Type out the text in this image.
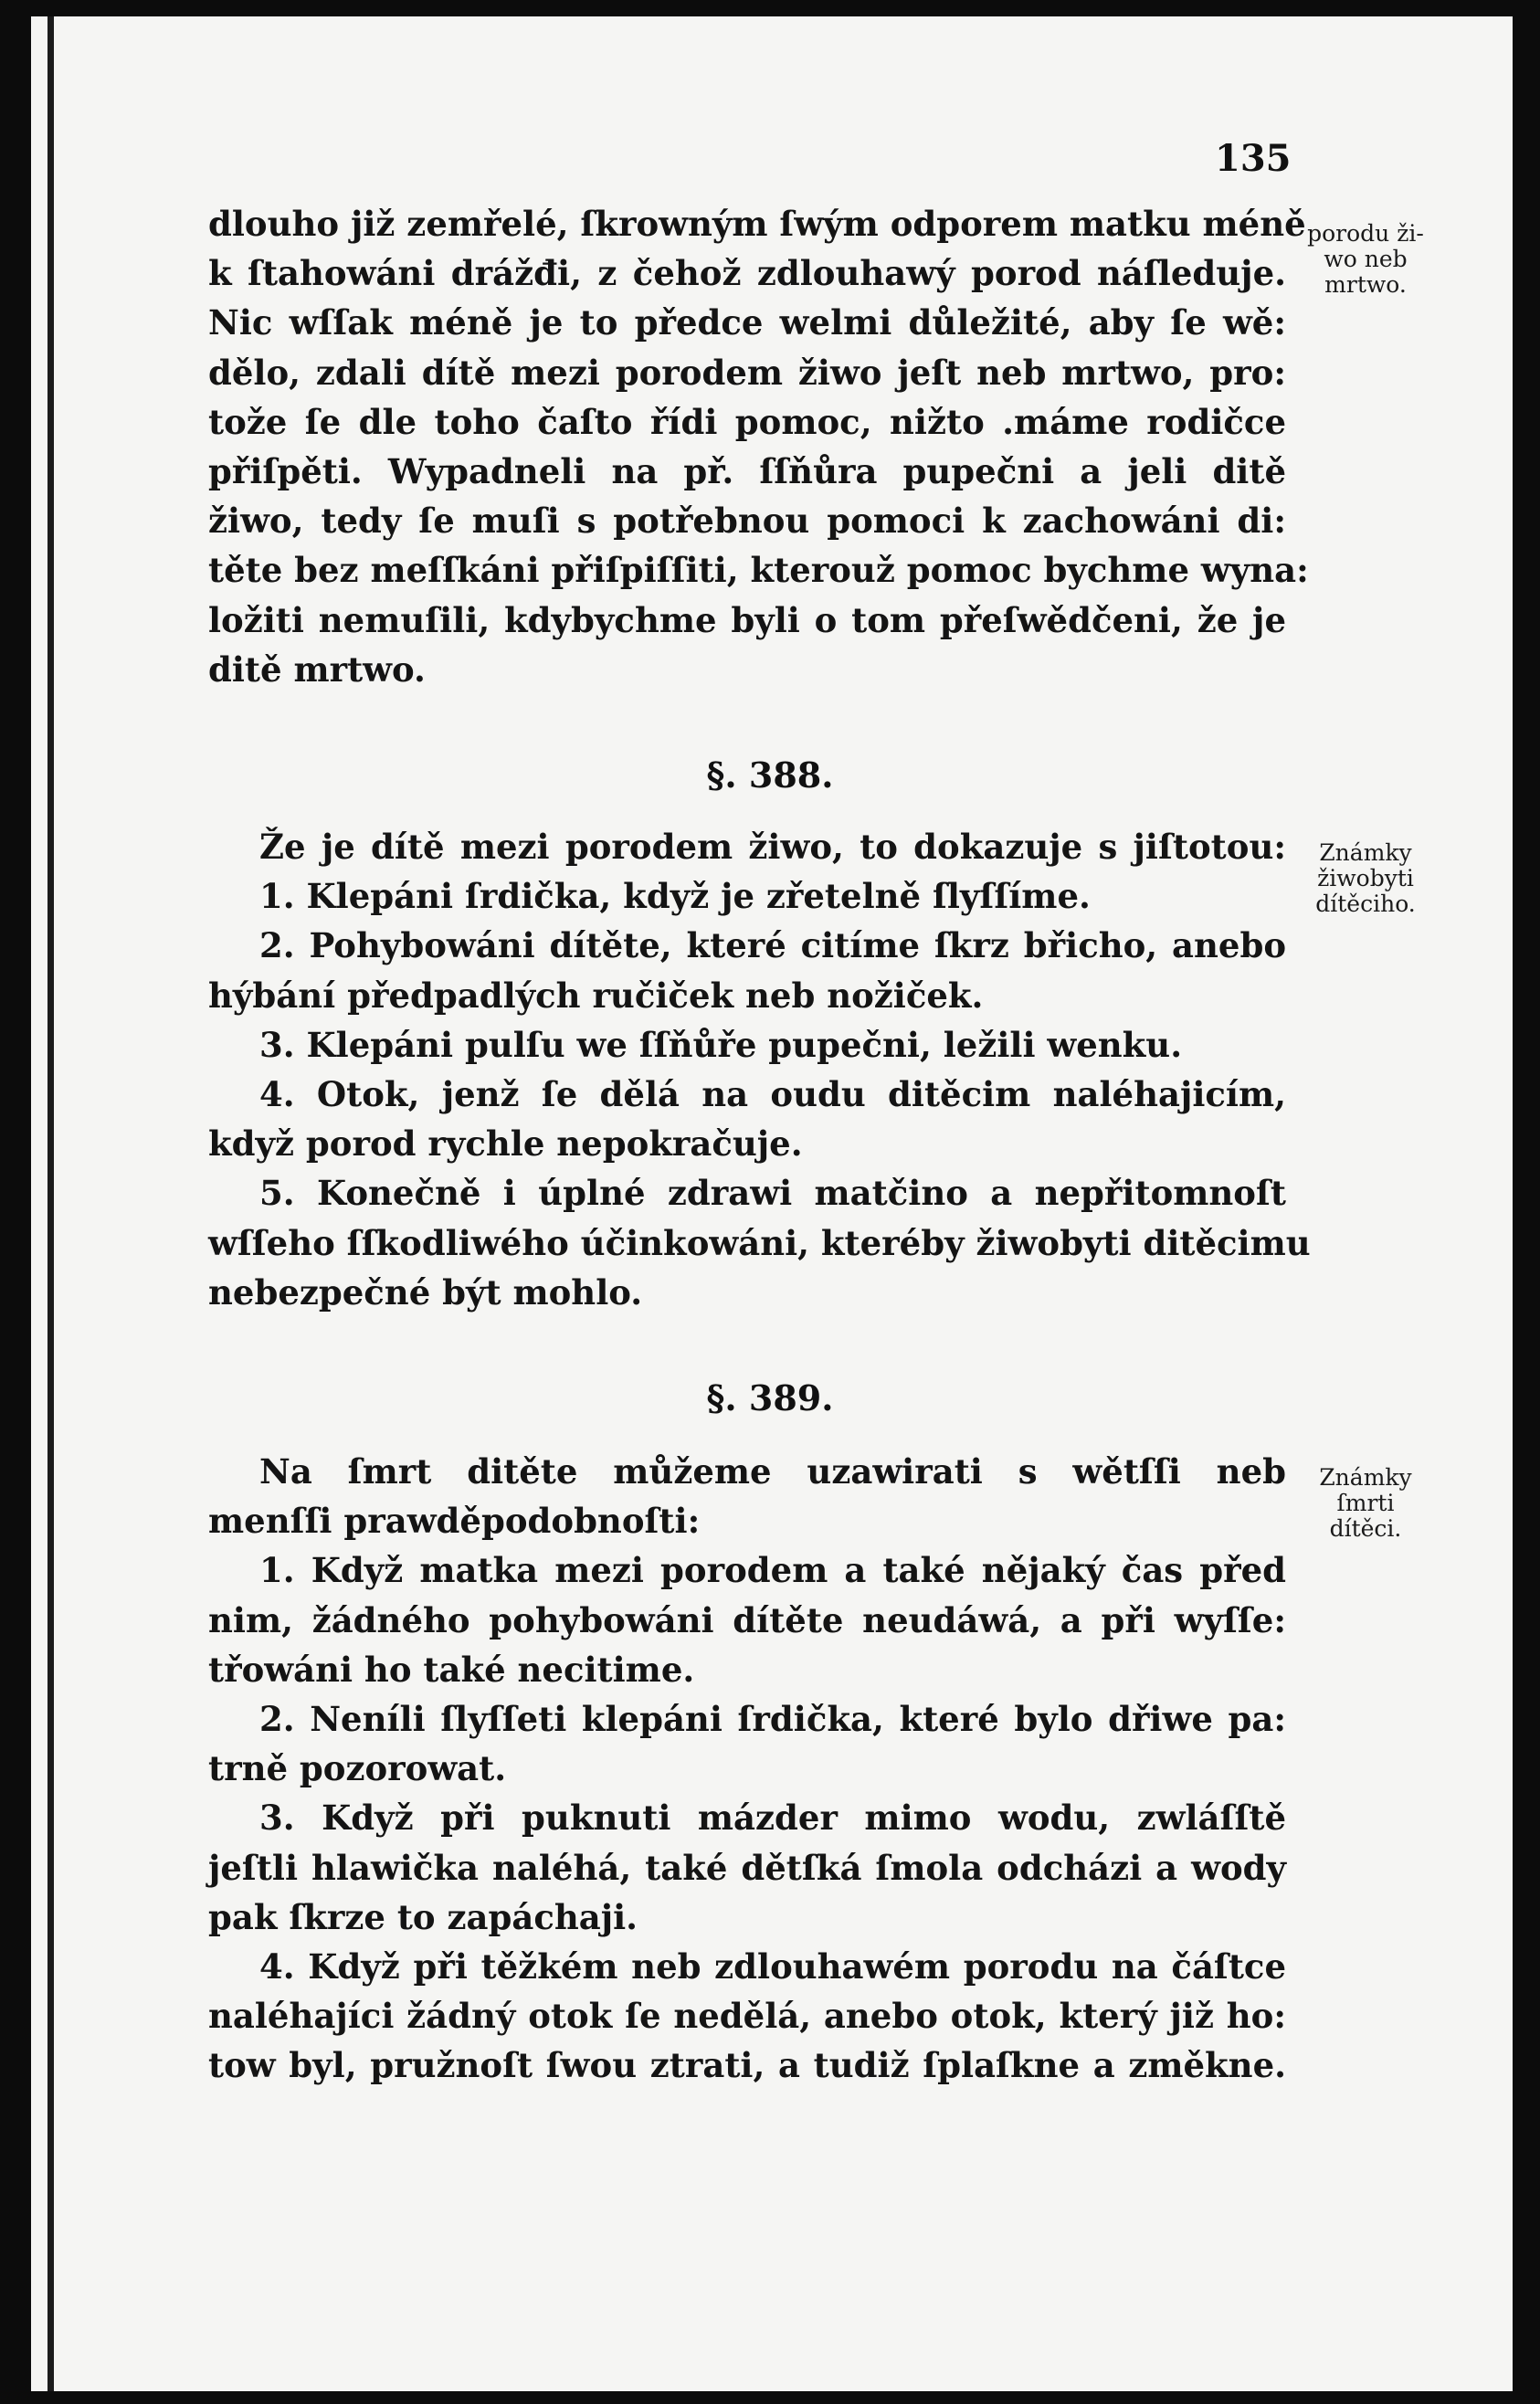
135
dlouho již zemřelé, ſkrowným ſwým odporem matku méně
k ſtahowáni drážđi, z čehož zdlouhawý porod náſleduje.
Nic wſſak méně je to předce welmi důležité, aby ſe wě:
dělo, zdali dítě mezi porodem žiwo jeſt neb mrtwo, pro:
tože ſe dle toho čaſto řídi pomoc, nižto .máme rodičce
přiſpěti. Wypadneli na př. ſſňůra pupečni a jeli ditě
žiwo, tedy ſe muſi s potřebnou pomoci k zachowáni di:
těte bez meſſkáni přiſpiſſiti, kterouž pomoc bychme wyna:
ložiti nemuſili, kdybychme byli o tom přeſwědčeni, že je
ditě mrtwo.
§. 388.
Že je dítě mezi porodem žiwo, to dokazuje s jiſtotou:
1. Klepáni ſrdička, když je zřetelně ſlyſſíme.
2. Pohybowáni dítěte, které citíme ſkrz břicho, anebo
hýbání předpadlých ručiček neb nožiček.
3. Klepáni pulſu we ſſňůře pupečni, ležili wenku.
4. Otok, jenž ſe dělá na oudu ditěcim naléhajicím,
když porod rychle nepokračuje.
5. Konečně i úplné zdrawi matčino a nepřitomnoſt
wſſeho ſſkodliwého účinkowáni, kteréby žiwobyti ditěcimu
nebezpečné být mohlo.
§. 389.
Na ſmrt ditěte můžeme uzawirati s wětſſi neb
menſſi prawděpodobnoſti:
1. Když matka mezi porodem a také nějaký čas před
nim, žádného pohybowáni dítěte neudáwá, a při wyſſe:
třowáni ho také necitime.
2. Neníli ſlyſſeti klepáni ſrdička, které bylo dřiwe pa:
trně pozorowat.
3. Když při puknuti mázder mimo wodu, zwláſſtě
jeſtli hlawička naléhá, také dětſká ſmola odcházi a wody
pak ſkrze to zapáchaji.
4. Když při těžkém neb zdlouhawém porodu na čáſtce
naléhajíci žádný otok ſe nedělá, anebo otok, který již ho:
tow byl, pružnoſt ſwou ztrati, a tudiž ſplaſkne a změkne.
porodu ži-
wo neb
mrtwo.
Známky
žiwobyti
dítěciho.
Známky
ſmrti
dítěci.
